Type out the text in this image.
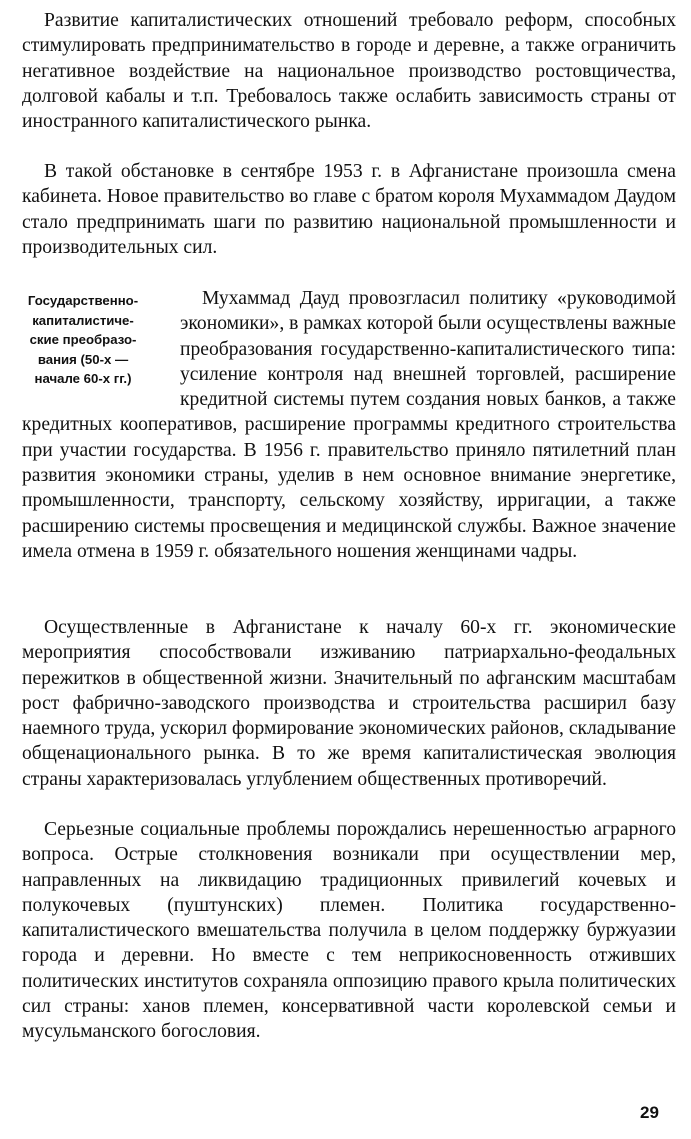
Развитие капиталистических отношений требовало реформ, способных стимулировать предпринимательство в городе и деревне, а также ограничить негативное воздействие на национальное производство ростовщичества, долговой кабалы и т.п. Требовалось также ослабить зависимость страны от иностранного капиталистического рынка.

В такой обстановке в сентябре 1953 г. в Афганистане произошла смена кабинета. Новое правительство во главе с братом короля Мухаммадом Даудом стало предпринимать шаги по развитию национальной промышленности и производительных сил.

Государственно-
капиталистиче-
ские преобразо-
вания (50-х —
начале 60-х гг.)
Мухаммад Дауд провозгласил политику «руководимой экономики», в рамках которой были осуществлены важные преобразования государственно-капиталистического типа: усиление контроля над внешней торговлей, расширение кредитной системы путем создания новых банков, а также кредитных кооперативов, расширение программы кредитного строительства при участии государства. В 1956 г. правительство приняло пятилетний план развития экономики страны, уделив в нем основное внимание энергетике, промышленности, транспорту, сельскому хозяйству, ирригации, а также расширению системы просвещения и медицинской службы. Важное значение имела отмена в 1959 г. обязательного ношения женщинами чадры.

Осуществленные в Афганистане к началу 60-х гг. экономические мероприятия способствовали изживанию патриархально-феодальных пережитков в общественной жизни. Значительный по афганским масштабам рост фабрично-заводского производства и строительства расширил базу наемного труда, ускорил формирование экономических районов, складывание общенационального рынка. В то же время капиталистическая эволюция страны характеризовалась углублением общественных противоречий.

Серьезные социальные проблемы порождались нерешенностью аграрного вопроса. Острые столкновения возникали при осуществлении мер, направленных на ликвидацию традиционных привилегий кочевых и полукочевых (пуштунских) племен. Политика государственно-капиталистического вмешательства получила в целом поддержку буржуазии города и деревни. Но вместе с тем неприкосновенность отживших политических институтов сохраняла оппозицию правого крыла политических сил страны: ханов племен, консервативной части королевской семьи и мусульманского богословия.

29
